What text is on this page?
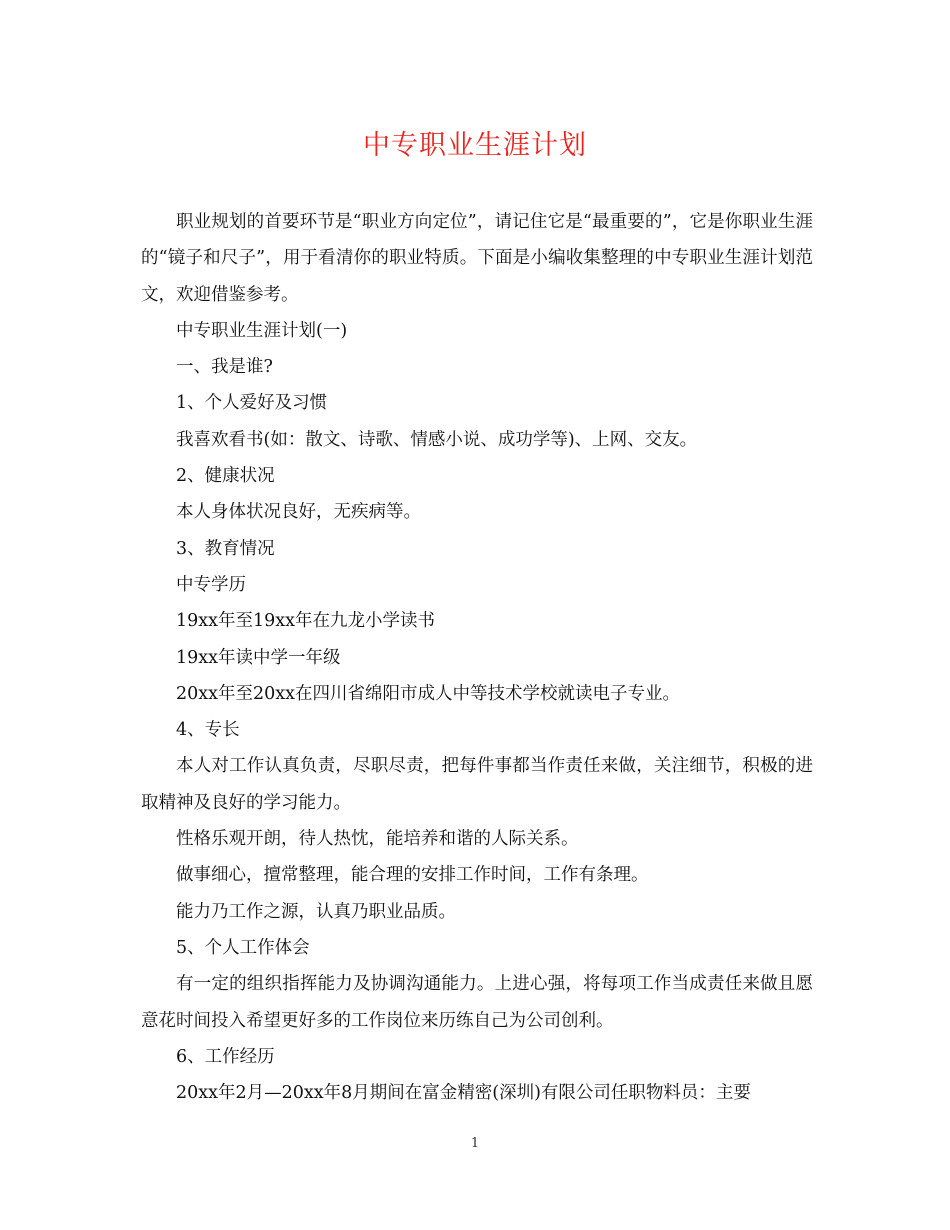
中专职业生涯计划

职业规划的首要环节是“职业方向定位”，请记住它是“最重要的”，它是你职业生涯的“镜子和尺子”，用于看清你的职业特质。下面是小编收集整理的中专职业生涯计划范文，欢迎借鉴参考。

中专职业生涯计划(一)

一、我是谁?

1、个人爱好及习惯

我喜欢看书(如：散文、诗歌、情感小说、成功学等)、上网、交友。

2、健康状况

本人身体状况良好，无疾病等。

3、教育情况

中专学历

19xx年至19xx年在九龙小学读书

19xx年读中学一年级

20xx年至20xx在四川省绵阳市成人中等技术学校就读电子专业。

4、专长

本人对工作认真负责，尽职尽责，把每件事都当作责任来做，关注细节，积极的进取精神及良好的学习能力。

性格乐观开朗，待人热忱，能培养和谐的人际关系。

做事细心，擅常整理，能合理的安排工作时间，工作有条理。

能力乃工作之源，认真乃职业品质。

5、个人工作体会

有一定的组织指挥能力及协调沟通能力。上进心强，将每项工作当成责任来做且愿意花时间投入希望更好多的工作岗位来历练自己为公司创利。

6、工作经历

20xx年2月—20xx年8月期间在富金精密(深圳)有限公司任职物料员：主要

1
